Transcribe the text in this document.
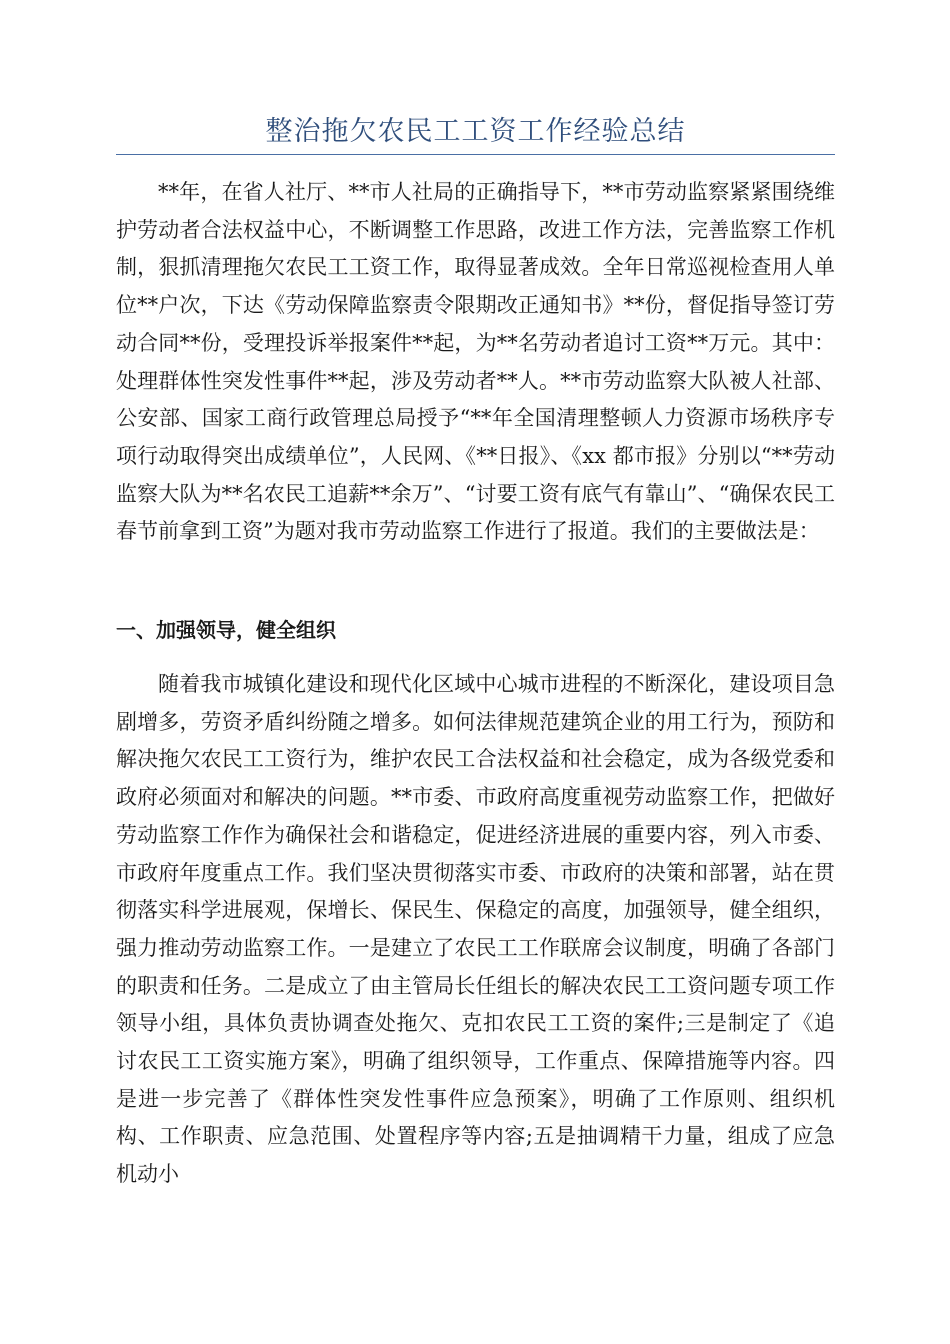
整治拖欠农民工工资工作经验总结

**年，在省人社厅、**市人社局的正确指导下，**市劳动监察紧紧围绕维护劳动者合法权益中心，不断调整工作思路，改进工作方法，完善监察工作机制，狠抓清理拖欠农民工工资工作，取得显著成效。全年日常巡视检查用人单位**户次，下达《劳动保障监察责令限期改正通知书》**份，督促指导签订劳动合同**份，受理投诉举报案件**起，为**名劳动者追讨工资**万元。其中：处理群体性突发性事件**起，涉及劳动者**人。**市劳动监察大队被人社部、公安部、国家工商行政管理总局授予“**年全国清理整顿人力资源市场秩序专项行动取得突出成绩单位”，人民网、《**日报》、《xx 都市报》分别以“**劳动监察大队为**名农民工追薪**余万”、“讨要工资有底气有靠山”、“确保农民工春节前拿到工资”为题对我市劳动监察工作进行了报道。我们的主要做法是：

一、加强领导，健全组织

随着我市城镇化建设和现代化区域中心城市进程的不断深化，建设项目急剧增多，劳资矛盾纠纷随之增多。如何法律规范建筑企业的用工行为，预防和解决拖欠农民工工资行为，维护农民工合法权益和社会稳定，成为各级党委和政府必须面对和解决的问题。**市委、市政府高度重视劳动监察工作，把做好劳动监察工作作为确保社会和谐稳定，促进经济进展的重要内容，列入市委、市政府年度重点工作。我们坚决贯彻落实市委、市政府的决策和部署，站在贯彻落实科学进展观，保增长、保民生、保稳定的高度，加强领导，健全组织，强力推动劳动监察工作。一是建立了农民工工作联席会议制度，明确了各部门的职责和任务。二是成立了由主管局长任组长的解决农民工工资问题专项工作领导小组，具体负责协调查处拖欠、克扣农民工工资的案件;三是制定了《追讨农民工工资实施方案》，明确了组织领导，工作重点、保障措施等内容。四是进一步完善了《群体性突发性事件应急预案》，明确了工作原则、组织机构、工作职责、应急范围、处置程序等内容;五是抽调精干力量，组成了应急机动小
